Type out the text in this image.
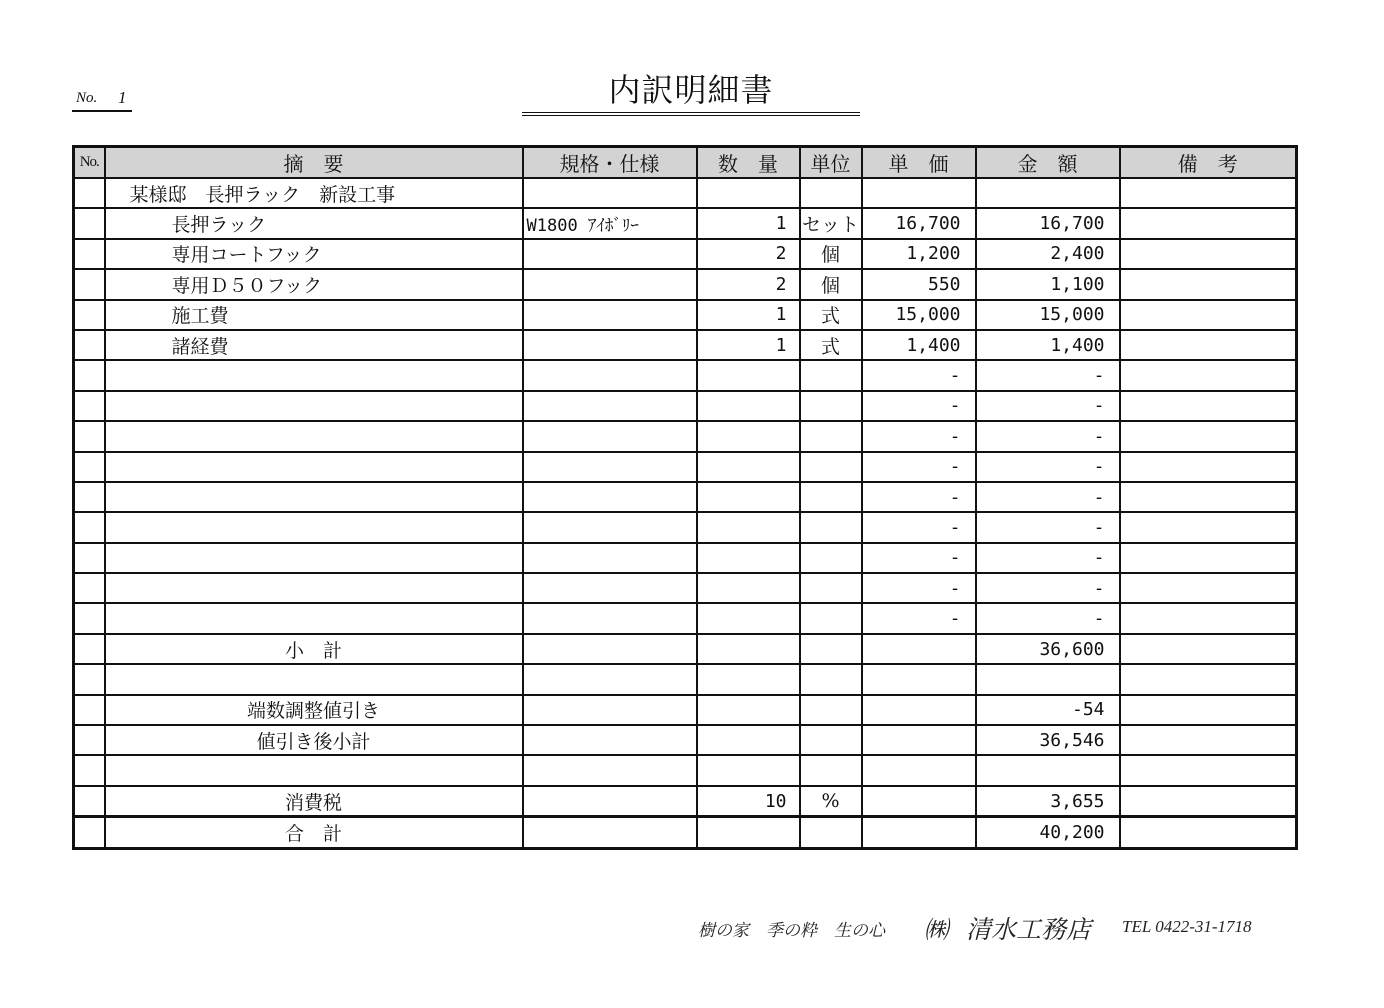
No. 1	内訳明細書
No.	摘　要	規格・仕様	数　量	単位	単　価	金　額	備　考
	某様邸　長押ラック　新設工事						
	長押ラック	W1800 ｱｲﾎﾞﾘｰ	1	セット	16,700	16,700	
	専用コートフック		2	個	1,200	2,400	
	専用Ｄ５０フック		2	個	550	1,100	
	施工費		1	式	15,000	15,000	
	諸経費		1	式	1,400	1,400	
					-	-	
					-	-	
					-	-	
					-	-	
					-	-	
					-	-	
					-	-	
					-	-	
					-	-	
	小　計					36,600	

	端数調整値引き					-54	
	値引き後小計					36,546	

	消費税		10	%		3,655	
	合　計					40,200	
樹の家　季の粋　生の心 ㈱ 清水工務店 TEL 0422-31-1718
